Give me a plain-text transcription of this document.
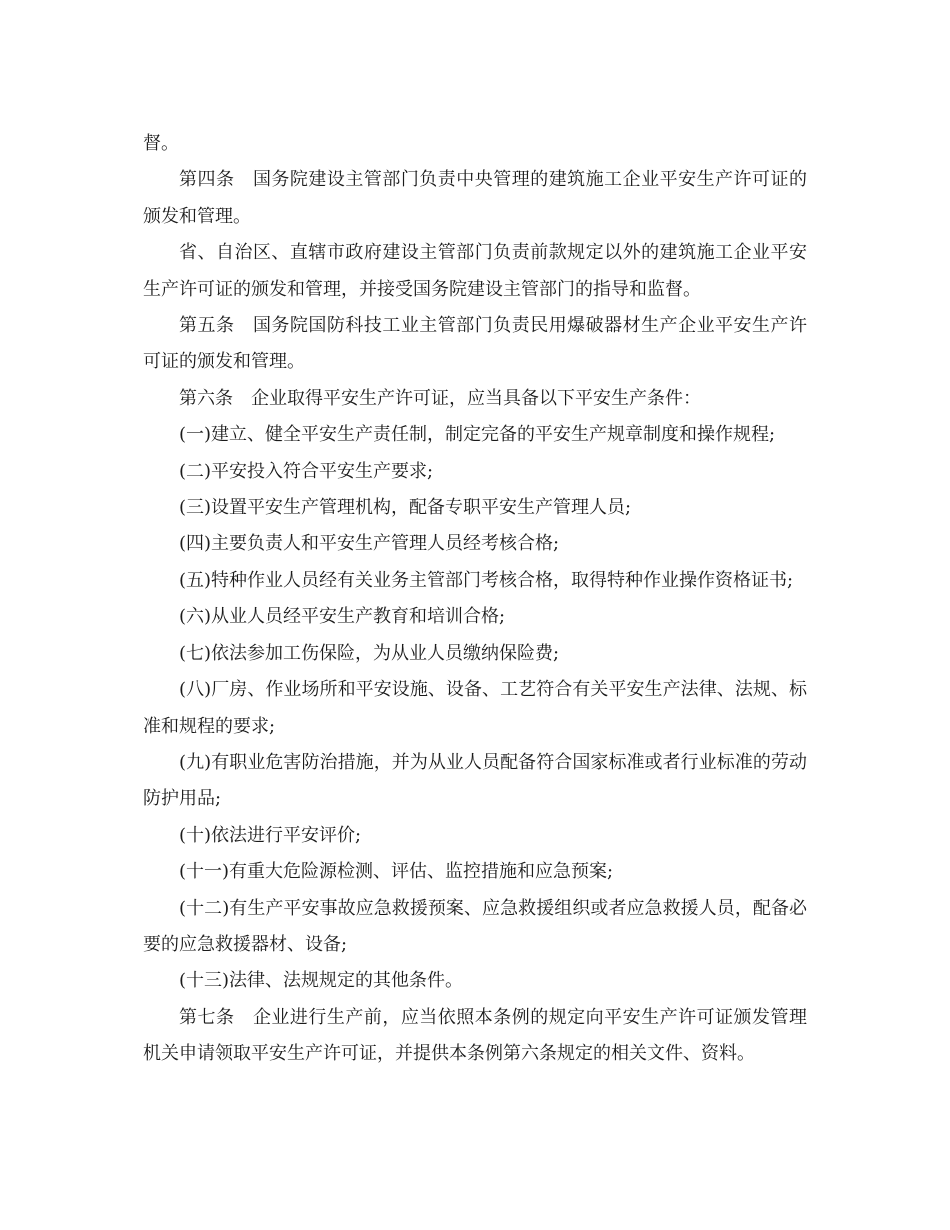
督。

第四条　国务院建设主管部门负责中央管理的建筑施工企业平安生产许可证的颁发和管理。

省、自治区、直辖市政府建设主管部门负责前款规定以外的建筑施工企业平安生产许可证的颁发和管理，并接受国务院建设主管部门的指导和监督。

第五条　国务院国防科技工业主管部门负责民用爆破器材生产企业平安生产许可证的颁发和管理。

第六条　企业取得平安生产许可证，应当具备以下平安生产条件：

(一)建立、健全平安生产责任制，制定完备的平安生产规章制度和操作规程;

(二)平安投入符合平安生产要求;

(三)设置平安生产管理机构，配备专职平安生产管理人员;

(四)主要负责人和平安生产管理人员经考核合格;

(五)特种作业人员经有关业务主管部门考核合格，取得特种作业操作资格证书;

(六)从业人员经平安生产教育和培训合格;

(七)依法参加工伤保险，为从业人员缴纳保险费;

(八)厂房、作业场所和平安设施、设备、工艺符合有关平安生产法律、法规、标准和规程的要求;

(九)有职业危害防治措施，并为从业人员配备符合国家标准或者行业标准的劳动防护用品;

(十)依法进行平安评价;

(十一)有重大危险源检测、评估、监控措施和应急预案;

(十二)有生产平安事故应急救援预案、应急救援组织或者应急救援人员，配备必要的应急救援器材、设备;

(十三)法律、法规规定的其他条件。

第七条　企业进行生产前，应当依照本条例的规定向平安生产许可证颁发管理机关申请领取平安生产许可证，并提供本条例第六条规定的相关文件、资料。
